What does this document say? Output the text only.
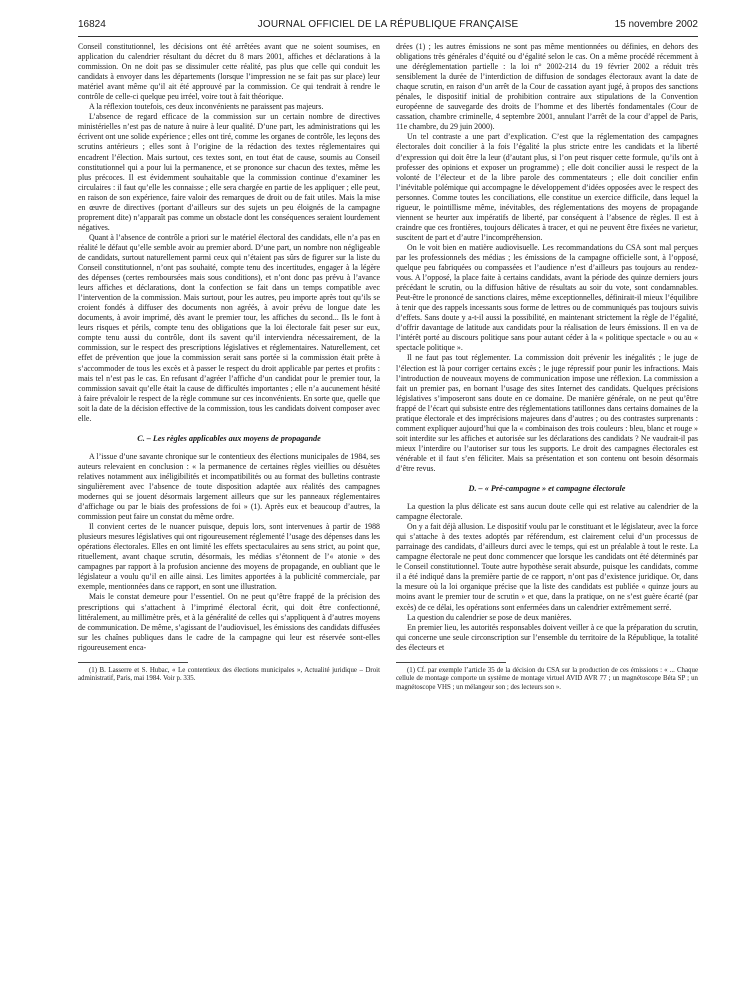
16824	JOURNAL OFFICIEL DE LA RÉPUBLIQUE FRANÇAISE	15 novembre 2002

Conseil constitutionnel, les décisions ont été arrêtées avant que ne soient soumises, en application du calendrier résultant du décret du 8 mars 2001, affiches et déclarations à la commission. On ne doit pas se dissimuler cette réalité, pas plus que celle qui conduit les candidats à envoyer dans les départements (lorsque l’impression ne se fait pas sur place) leur matériel avant même qu’il ait été approuvé par la commission. Ce qui tendrait à rendre le contrôle de celle-ci quelque peu irréel, voire tout à fait théorique.

A la réflexion toutefois, ces deux inconvénients ne paraissent pas majeurs.

L’absence de regard efficace de la commission sur un certain nombre de directives ministérielles n’est pas de nature à nuire à leur qualité. D’une part, les administrations qui les écrivent ont une solide expérience ; elles ont tiré, comme les organes de contrôle, les leçons des scrutins antérieurs ; elles sont à l’origine de la rédaction des textes réglementaires qui encadrent l’élection. Mais surtout, ces textes sont, en tout état de cause, soumis au Conseil constitutionnel qui a pour lui la permanence, et se prononce sur chacun des textes, même les plus précoces. Il est évidemment souhaitable que la commission continue d’examiner les circulaires : il faut qu’elle les connaisse ; elle sera chargée en partie de les appliquer ; elle peut, en raison de son expérience, faire valoir des remarques de droit ou de fait utiles. Mais la mise en œuvre de directives (portant d’ailleurs sur des sujets un peu éloignés de la campagne proprement dite) n’apparaît pas comme un obstacle dont les conséquences seraient lourdement négatives.

Quant à l’absence de contrôle a priori sur le matériel électoral des candidats, elle n’a pas en réalité le défaut qu’elle semble avoir au premier abord. D’une part, un nombre non négligeable de candidats, surtout naturellement parmi ceux qui n’étaient pas sûrs de figurer sur la liste du Conseil constitutionnel, n’ont pas souhaité, compte tenu des incertitudes, engager à la légère des dépenses (certes remboursées mais sous conditions), et n’ont donc pas prévu à l’avance leurs affiches et déclarations, dont la confection se fait dans un temps compatible avec l’intervention de la commission. Mais surtout, pour les autres, peu importe après tout qu’ils se croient fondés à diffuser des documents non agréés, à avoir prévu de longue date les documents, à avoir imprimé, dès avant le premier tour, les affiches du second... Ils le font à leurs risques et périls, compte tenu des obligations que la loi électorale fait peser sur eux, compte tenu aussi du contrôle, dont ils savent qu’il interviendra nécessairement, de la commission, sur le respect des prescriptions législatives et réglementaires. Naturellement, cet effet de prévention que joue la commission serait sans portée si la commission était prête à s’accommoder de tous les excès et à passer le respect du droit applicable par pertes et profits : mais tel n’est pas le cas. En refusant d’agréer l’affiche d’un candidat pour le premier tour, la commission savait qu’elle était la cause de difficultés importantes ; elle n’a aucunement hésité à faire prévaloir le respect de la règle commune sur ces inconvénients. En sorte que, quelle que soit la date de la décision effective de la commission, tous les candidats doivent composer avec elle.

C. – Les règles applicables aux moyens de propagande

A l’issue d’une savante chronique sur le contentieux des élections municipales de 1984, ses auteurs relevaient en conclusion : « la permanence de certaines règles vieillies ou désuètes relatives notamment aux inéligibilités et incompatibilités ou au format des bulletins contraste singulièrement avec l’absence de toute disposition adaptée aux réalités des campagnes modernes qui se jouent désormais largement ailleurs que sur les panneaux réglementaires d’affichage ou par le biais des professions de foi » (1). Après eux et beaucoup d’autres, la commission peut faire un constat du même ordre.

Il convient certes de le nuancer puisque, depuis lors, sont intervenues à partir de 1988 plusieurs mesures législatives qui ont rigoureusement réglementé l’usage des dépenses dans les opérations électorales. Elles en ont limité les effets spectaculaires au sens strict, au point que, rituellement, avant chaque scrutin, désormais, les médias s’étonnent de l’« atonie » des campagnes par rapport à la profusion ancienne des moyens de propagande, en oubliant que le législateur a voulu qu’il en aille ainsi. Les limites apportées à la publicité commerciale, par exemple, mentionnées dans ce rapport, en sont une illustration.

Mais le constat demeure pour l’essentiel. On ne peut qu’être frappé de la précision des prescriptions qui s’attachent à l’imprimé électoral écrit, qui doit être confectionné, littéralement, au millimètre près, et à la généralité de celles qui s’appliquent à d’autres moyens de communication. De même, s’agissant de l’audiovisuel, les émissions des candidats diffusées sur les chaînes publiques dans le cadre de la campagne qui leur est réservée sont-elles rigoureusement enca-

(1) B. Lasserre et S. Hubac, « Le contentieux des élections municipales », Actualité juridique – Droit administratif, Paris, mai 1984. Voir p. 335.

drées (1) ; les autres émissions ne sont pas même mentionnées ou définies, en dehors des obligations très générales d’équité ou d’égalité selon le cas. On a même procédé récemment à une déréglementation partielle : la loi n° 2002-214 du 19 février 2002 a réduit très sensiblement la durée de l’interdiction de diffusion de sondages électoraux avant la date de chaque scrutin, en raison d’un arrêt de la Cour de cassation ayant jugé, à propos des sanctions pénales, le dispositif initial de prohibition contraire aux stipulations de la Convention européenne de sauvegarde des droits de l’homme et des libertés fondamentales (Cour de cassation, chambre criminelle, 4 septembre 2001, annulant l’arrêt de la cour d’appel de Paris, 11e chambre, du 29 juin 2000).

Un tel contraste a une part d’explication. C’est que la réglementation des campagnes électorales doit concilier à la fois l’égalité la plus stricte entre les candidats et la liberté d’expression qui doit être la leur (d’autant plus, si l’on peut risquer cette formule, qu’ils ont à professer des opinions et exposer un programme) ; elle doit concilier aussi le respect de la volonté de l’électeur et de la libre parole des commentateurs ; elle doit concilier enfin l’inévitable polémique qui accompagne le développement d’idées opposées avec le respect des personnes. Comme toutes les conciliations, elle constitue un exercice difficile, dans lequel la rigueur, le pointillisme même, inévitables, des réglementations des moyens de propagande viennent se heurter aux impératifs de liberté, par conséquent à l’absence de règles. Il est à craindre que ces frontières, toujours délicates à tracer, et qui ne peuvent être fixées ne varietur, suscitent de part et d’autre l’incompréhension.

On le voit bien en matière audiovisuelle. Les recommandations du CSA sont mal perçues par les professionnels des médias ; les émissions de la campagne officielle sont, à l’opposé, quelque peu fabriquées ou compassées et l’audience n’est d’ailleurs pas toujours au rendez-vous. A l’opposé, la place faite à certains candidats, avant la période des quinze derniers jours précédant le scrutin, ou la diffusion hâtive de résultats au soir du vote, sont condamnables. Peut-être le prononcé de sanctions claires, même exceptionnelles, définirait-il mieux l’équilibre à tenir que des rappels incessants sous forme de lettres ou de communiqués pas toujours suivis d’effets. Sans doute y a-t-il aussi la possibilité, en maintenant strictement la règle de l’égalité, d’offrir davantage de latitude aux candidats pour la réalisation de leurs émissions. Il en va de l’intérêt porté au discours politique sans pour autant céder à la « politique spectacle » ou au « spectacle politique ».

Il ne faut pas tout réglementer. La commission doit prévenir les inégalités ; le juge de l’élection est là pour corriger certains excès ; le juge répressif pour punir les infractions. Mais l’introduction de nouveaux moyens de communication impose une réflexion. La commission a fait un premier pas, en bornant l’usage des sites Internet des candidats. Quelques précisions législatives s’imposeront sans doute en ce domaine. De manière générale, on ne peut qu’être frappé de l’écart qui subsiste entre des réglementations tatillonnes dans certains domaines de la pratique électorale et des imprécisions majeures dans d’autres ; ou des contrastes surprenants : comment expliquer aujourd’hui que la « combinaison des trois couleurs : bleu, blanc et rouge » soit interdite sur les affiches et autorisée sur les déclarations des candidats ? Ne vaudrait-il pas mieux l’interdire ou l’autoriser sur tous les supports. Le droit des campagnes électorales est vénérable et il faut s’en féliciter. Mais sa présentation et son contenu ont besoin désormais d’être revus.

D. – « Pré-campagne » et campagne électorale

La question la plus délicate est sans aucun doute celle qui est relative au calendrier de la campagne électorale.

On y a fait déjà allusion. Le dispositif voulu par le constituant et le législateur, avec la force qui s’attache à des textes adoptés par référendum, est clairement celui d’un processus de parrainage des candidats, d’ailleurs durci avec le temps, qui est un préalable à tout le reste. La campagne électorale ne peut donc commencer que lorsque les candidats ont été déterminés par le Conseil constitutionnel. Toute autre hypothèse serait absurde, puisque les candidats, comme il a été indiqué dans la première partie de ce rapport, n’ont pas d’existence juridique. Or, dans la mesure où la loi organique précise que la liste des candidats est publiée « quinze jours au moins avant le premier tour de scrutin » et que, dans la pratique, on ne s’est guère écarté (par excès) de ce délai, les opérations sont enfermées dans un calendrier extrêmement serré.

La question du calendrier se pose de deux manières.

En premier lieu, les autorités responsables doivent veiller à ce que la préparation du scrutin, qui concerne une seule circonscription sur l’ensemble du territoire de la République, la totalité des électeurs et

(1) Cf. par exemple l’article 35 de la décision du CSA sur la production de ces émissions : « ... Chaque cellule de montage comporte un système de montage virtuel AVID AVR 77 ; un magnétoscope Béta SP ; un magnétoscope VHS ; un mélangeur son ; des lecteurs son ».
